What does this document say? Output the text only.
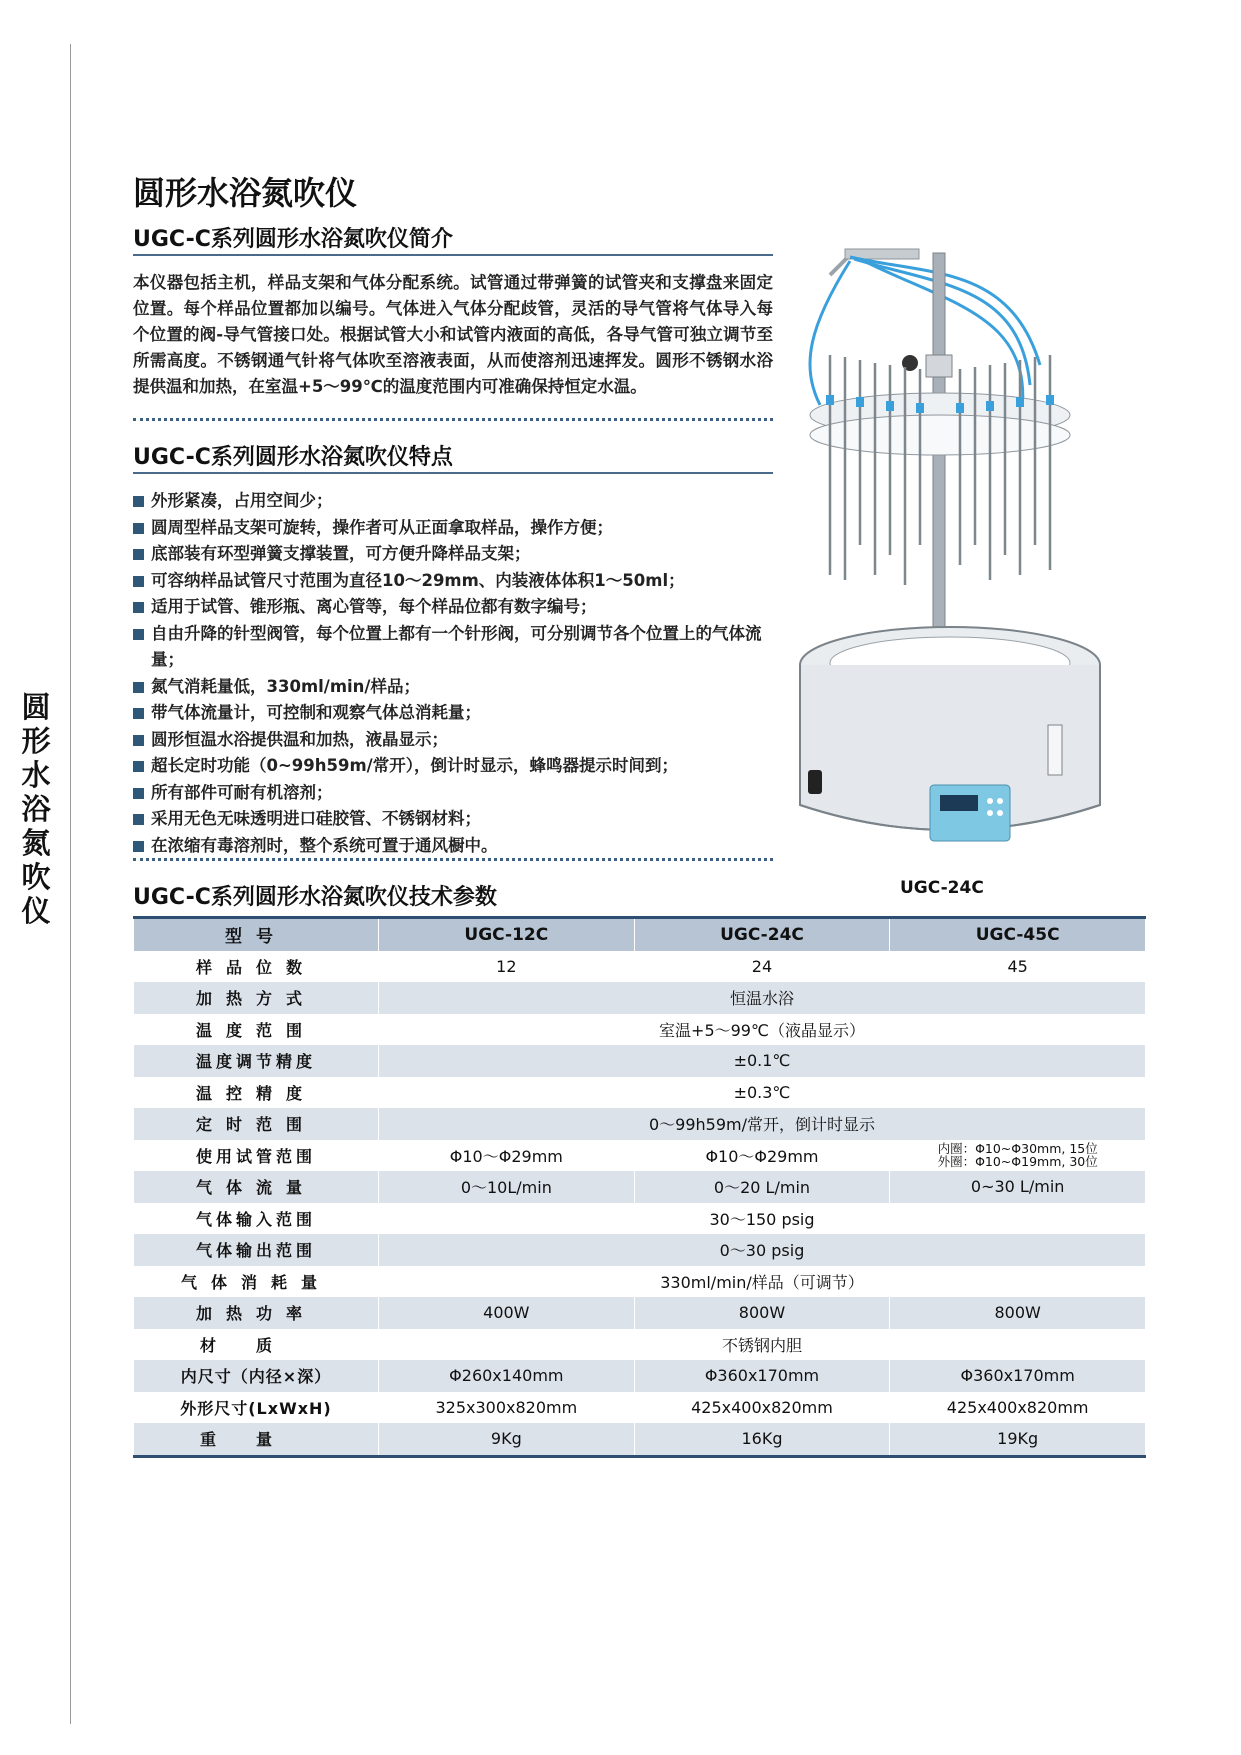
圆形水浴氮吹仪
圆形水浴氮吹仪
UGC-C系列圆形水浴氮吹仪简介

本仪器包括主机，样品支架和气体分配系统。试管通过带弹簧的试管夹和支撑盘来固定位置。每个样品位置都加以编号。气体进入气体分配歧管，灵活的导气管将气体导入每个位置的阀-导气管接口处。根据试管大小和试管内液面的高低，各导气管可独立调节至所需高度。不锈钢通气针将气体吹至溶液表面，从而使溶剂迅速挥发。圆形不锈钢水浴提供温和加热，在室温+5～99℃的温度范围内可准确保持恒定水温。

UGC-C系列圆形水浴氮吹仪特点
外形紧凑，占用空间少；
圆周型样品支架可旋转，操作者可从正面拿取样品，操作方便；
底部装有环型弹簧支撑装置，可方便升降样品支架；
可容纳样品试管尺寸范围为直径10～29mm、内装液体体积1～50ml；
适用于试管、锥形瓶、离心管等，每个样品位都有数字编号；
自由升降的针型阀管，每个位置上都有一个针形阀，可分别调节各个位置上的气体流量；
氮气消耗量低，330ml/min/样品；
带气体流量计，可控制和观察气体总消耗量；
圆形恒温水浴提供温和加热，液晶显示；
超长定时功能（0~99h59m/常开），倒计时显示，蜂鸣器提示时间到；
所有部件可耐有机溶剂；
采用无色无味透明进口硅胶管、不锈钢材料；
在浓缩有毒溶剂时，整个系统可置于通风橱中。
UGC-24C
UGC-C系列圆形水浴氮吹仪技术参数
型号	UGC-12C	UGC-24C	UGC-45C
样品位数	12	24	45
加热方式	恒温水浴		
温度范围	室温+5～99℃（液晶显示）		
温度调节精度	±0.1℃		
温控精度	±0.3℃		
定时范围	0～99h59m/常开，倒计时显示		
使用试管范围	Φ10～Φ29mm	Φ10～Φ29mm	内圈：Φ10~Φ30mm, 15位
外圈：Φ10~Φ19mm, 30位
气体流量	0～10L/min	0～20 L/min	0~30 L/min
气体输入范围	30～150 psig		
气体输出范围	0～30 psig		
气体消耗量	330ml/min/样品（可调节）		
加热功率	400W	800W	800W
材质	不锈钢内胆		
内尺寸（内径×深）	Φ260x140mm	Φ360x170mm	Φ360x170mm
外形尺寸(LxWxH)	325x300x820mm	425x400x820mm	425x400x820mm
重量	9Kg	16Kg	19Kg
